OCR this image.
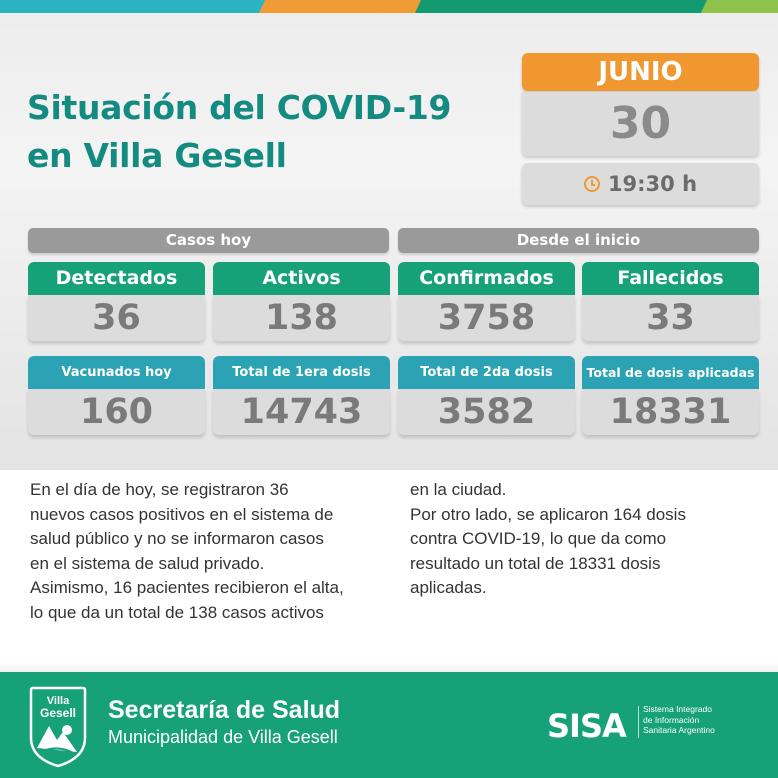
Situación del COVID-19
en Villa Gesell
JUNIO
30
19:30 h
Casos hoy	Desde el inicio
Detectados
36
Activos
138
Confirmados
3758
Fallecidos
33
Vacunados hoy
160
Total de 1era dosis
14743
Total de 2da dosis
3582
Total de dosis aplicadas
18331

En el día de hoy, se registraron 36
nuevos casos positivos en el sistema de
salud público y no se informaron casos
en el sistema de salud privado.
Asimismo, 16 pacientes recibieron el alta,
lo que da un total de 138 casos activos

en la ciudad.
Por otro lado, se aplicaron 164 dosis
contra COVID-19, lo que da como
resultado un total de 18331 dosis
aplicadas.

Villa
Gesell Secretaría de Salud
Municipalidad de Villa Gesell	SISA Sistema Integrado
de Información
Sanitaria Argentino
